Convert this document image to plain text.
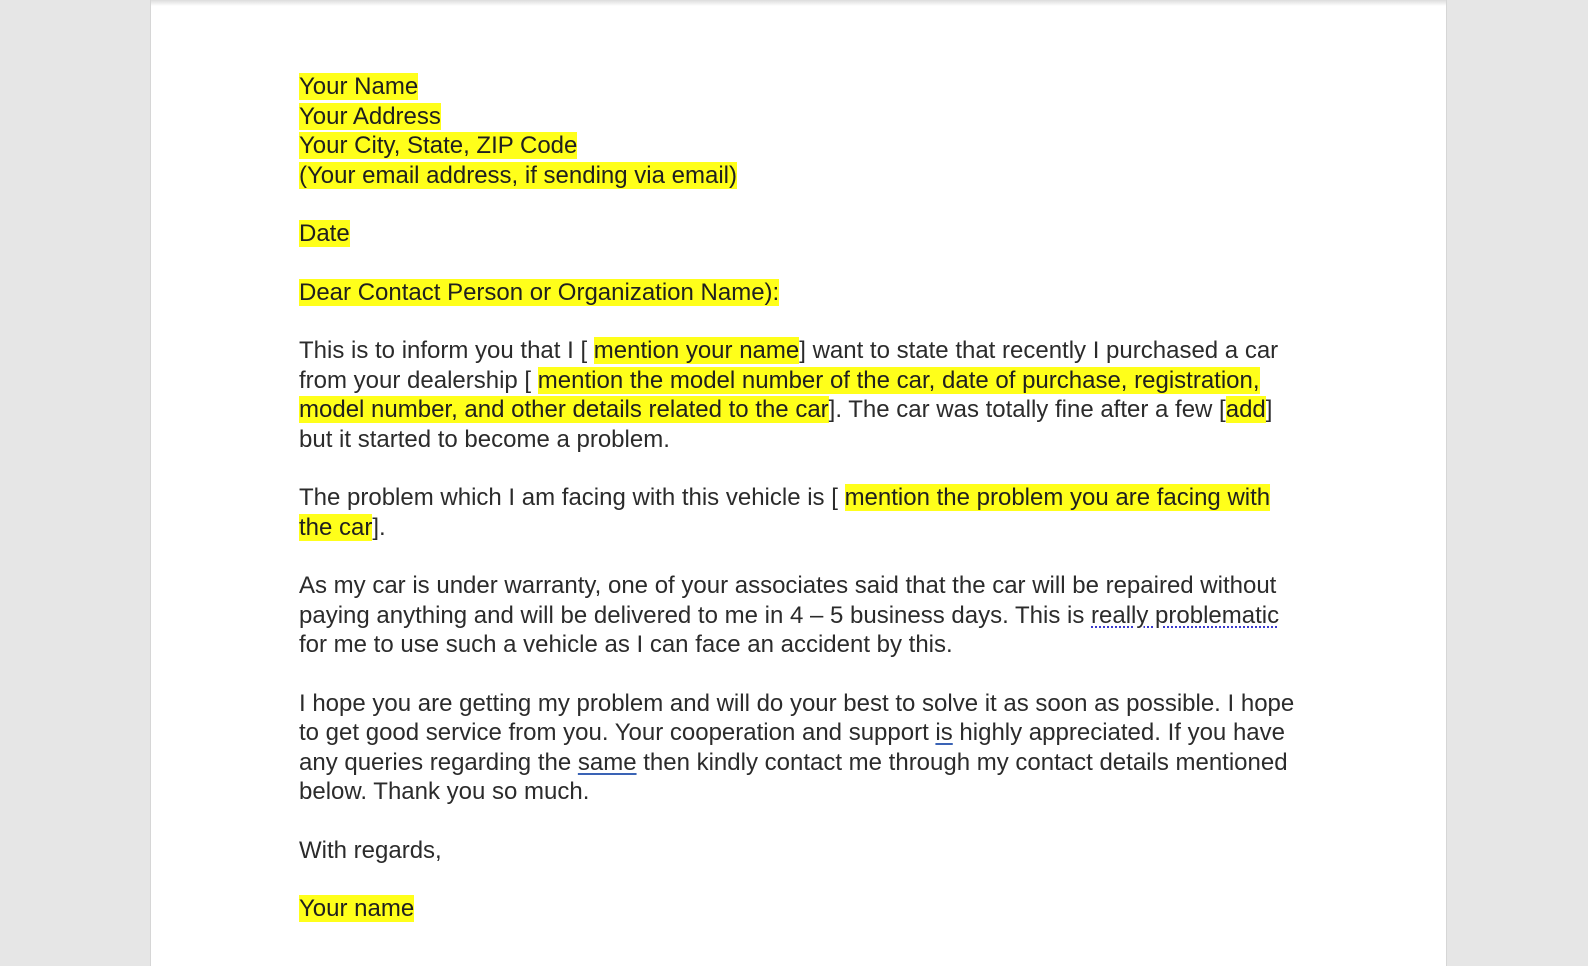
Your Name

Your Address

Your City, State, ZIP Code

(Your email address, if sending via email)

Date

Dear Contact Person or Organization Name):

This is to inform you that I [ mention your name] want to state that recently I purchased a car from your dealership [ mention the model number of the car, date of purchase, registration, model number, and other details related to the car]. The car was totally fine after a few [add] but it started to become a problem.

The problem which I am facing with this vehicle is [ mention the problem you are facing with the car].

As my car is under warranty, one of your associates said that the car will be repaired without paying anything and will be delivered to me in 4 – 5 business days. This is really problematic for me to use such a vehicle as I can face an accident by this.

I hope you are getting my problem and will do your best to solve it as soon as possible. I hope to get good service from you. Your cooperation and support is highly appreciated. If you have any queries regarding the same then kindly contact me through my contact details mentioned below. Thank you so much.

With regards,

Your name
